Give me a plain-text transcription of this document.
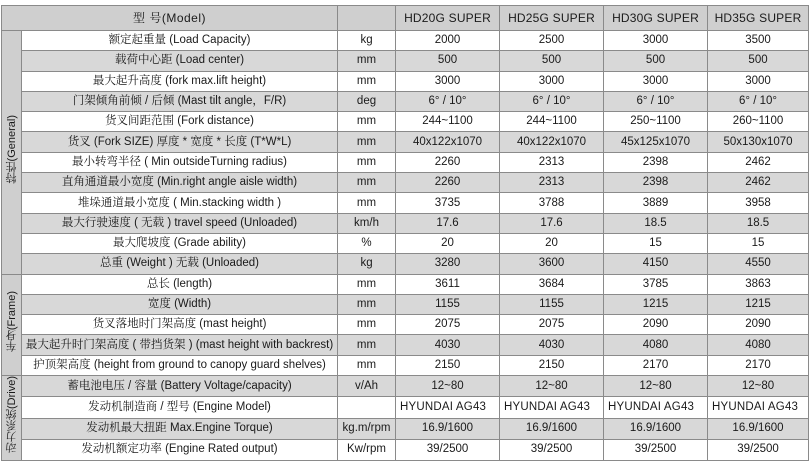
型 号(Model)			HD20G SUPER	HD25G SUPER	HD30G SUPER	HD35G SUPER
特性(General)	额定起重量 (Load Capacity)	kg	2000	2500	3000	3500
	载荷中心距 (Load center)	mm	500	500	500	500
	最大起升高度 (fork max.lift height)	mm	3000	3000	3000	3000
	门架倾角前倾 / 后倾 (Mast tilt angle，F/R)	deg	6° / 10°	6° / 10°	6° / 10°	6° / 10°
	货叉间距范围 (Fork distance)	mm	244~1100	244~1100	250~1100	260~1100
	货叉 (Fork SIZE) 厚度 * 宽度 * 长度 (T*W*L)	mm	40x122x1070	40x122x1070	45x125x1070	50x130x1070
	最小转弯半径 ( Min outsideTurning radius)	mm	2260	2313	2398	2462
	直角通道最小宽度 (Min.right angle aisle width)	mm	2260	2313	2398	2462
	堆垛通道最小宽度 ( Min.stacking width )	mm	3735	3788	3889	3958
	最大行驶速度 ( 无载 ) travel speed (Unloaded)	km/h	17.6	17.6	18.5	18.5
	最大爬坡度 (Grade ability)	%	20	20	15	15
	总重 (Weight ) 无载 (Unloaded)	kg	3280	3600	4150	4550
车身(Frame)	总长 (length)	mm	3611	3684	3785	3863
	宽度 (Width)	mm	1155	1155	1215	1215
	货叉落地时门架高度 (mast height)	mm	2075	2075	2090	2090
	最大起升时门架高度 ( 带挡货架 ) (mast height with backrest)	mm	4030	4030	4080	4080
	护顶架高度 (height from ground to canopy guard shelves)	mm	2150	2150	2170	2170
动力系统(Drive)	蓄电池电压 / 容量 (Battery Voltage/capacity)	v/Ah	12~80	12~80	12~80	12~80
	发动机制造商 / 型号 (Engine Model)		HYUNDAI AG43	HYUNDAI AG43	HYUNDAI AG43	HYUNDAI AG43
	发动机最大扭距 Max.Engine Torque)	kg.m/rpm	16.9/1600	16.9/1600	16.9/1600	16.9/1600
	发动机额定功率 (Engine Rated output)	Kw/rpm	39/2500	39/2500	39/2500	39/2500
